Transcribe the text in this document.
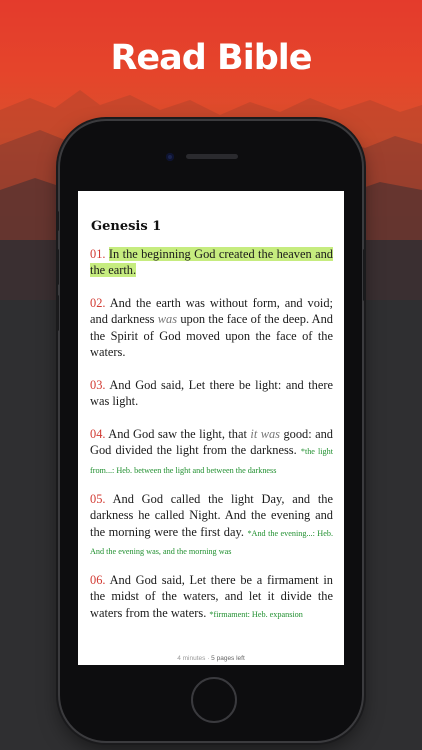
Read Bible
Genesis 1
01. In the beginning God created the heaven and the earth.
02. And the earth was without form, and void; and darkness was upon the face of the deep. And the Spirit of God moved upon the face of the waters.
03. And God said, Let there be light: and there was light.
04. And God saw the light, that it was good: and God divided the light from the darkness. *the light from...: Heb. between the light and between the darkness
05. And God called the light Day, and the darkness he called Night. And the evening and the morning were the first day. *And the evening...: Heb. And the evening was, and the morning was
06. And God said, Let there be a firmament in the midst of the waters, and let it divide the waters from the waters. *firmament: Heb. expansion
4 minutes · 5 pages left
